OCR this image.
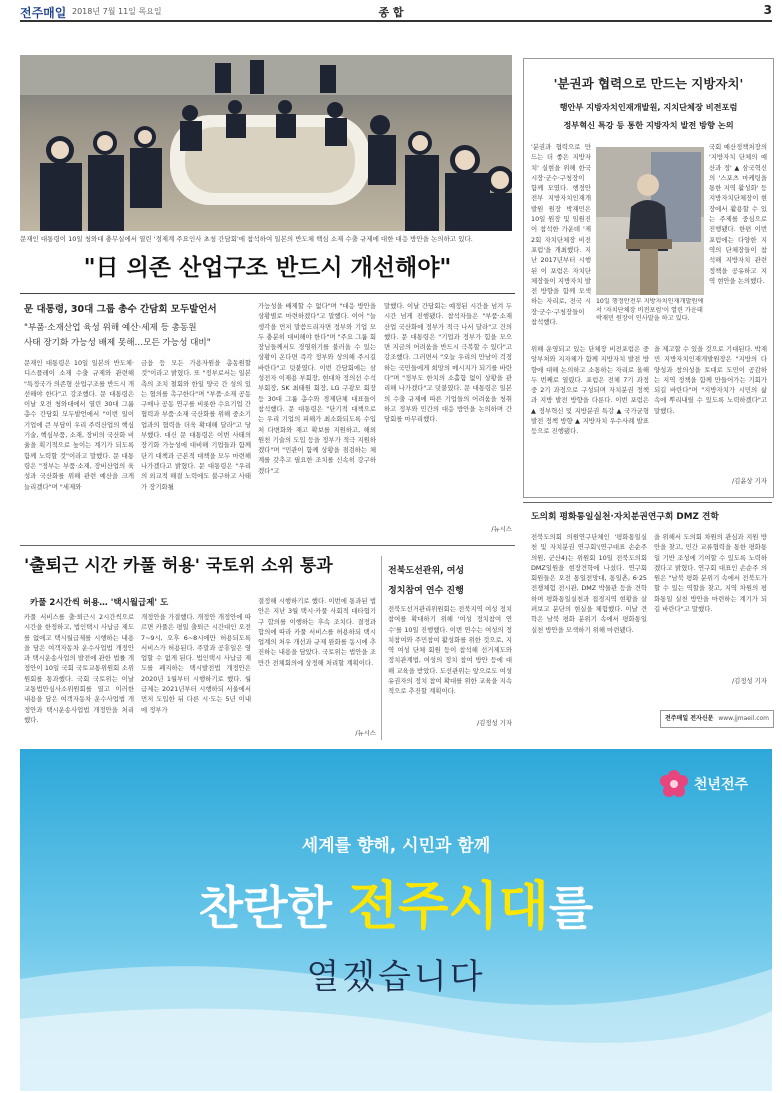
전주매일 2018년 7월 11일 목요일	종 합	3
문재인 대통령이 10일 청와대 충무실에서 열린 '경제계 주요인사 초청 간담회'에 참석하여 일본의 반도체 핵심 소재 수출 규제에 대한 대응 방안을 논의하고 있다.
"日 의존 산업구조 반드시 개선해야"
문 대통령, 30대 그룹 총수 간담회 모두발언서
"부품·소재산업 육성 위해 예산·세제 등 총동원
사태 장기화 가능성 배제 못해…모든 가능성 대비"
문재인 대통령은 10일 일본의 반도체·디스플레이 소재 수출 규제와 관련해 "특정국가 의존형 산업구조를 반드시 개선해야 한다"고 강조했다. 문 대통령은 이날 오전 청와대에서 열린 30대 그룹 총수 간담회 모두발언에서 "이번 일이 기업에 큰 부담이 우리 주력산업의 핵심기술, 핵심부품, 소재, 장비의 국산화 비율을 획기적으로 높이는 계기가 되도록 함께 노력할 것"이라고 말했다. 문 대통령은 "정부는 부품·소재, 장비산업의 육성과 국산화를 위해 관련 예산을 크게 늘리겠다"며 "세제와
금융 등 모든 가용자원을 총동원할 것"이라고 밝혔다. 또 "정부로서는 일본 측의 조치 철회와 한일 양국 간 성의 있는 협의를 촉구한다"며 "부품·소재 공동 구매나 공동 연구를 비롯한 수요기업 간 협력과 부품·소재 국산화를 위해 중소기업과의 협력을 더욱 확대해 달라"고 당부했다. 대신 문 대통령은 이번 사태의 장기화 가능성에 대비해 기업들과 함께 단기 대책과 근본적 대책을 모두 마련해 나가겠다고 밝혔다. 문 대통령은 "우리의 외교적 해결 노력에도 불구하고 사태가 장기화될
가능성을 배제할 수 없다"며 "대응 방안을 상황별로 마련하겠다"고 말했다. 이어 "늘 생각을 먼저 말씀드리자면 정부와 기업 모두 충분히 대비해야 한다"며 "주요 그룹 회장님들께서도 경영위기를 불러올 수 있는 상황이 온다면 즉각 정부와 상의해 주시길 바란다"고 덧붙였다. 이번 간담회에는 삼성전자 이재용 부회장, 현대차 정의선 수석부회장, SK 최태원 회장, LG 구광모 회장 등 30대 그룹 총수와 경제단체 대표들이 참석했다. 문 대통령은 "단기적 대책으로는 우리 기업의 피해가 최소화되도록 수입처 다변화와 재고 확보를 지원하고, 해외 원천 기술의 도입 등을 정부가 적극 지원하겠다"며 "민관이 함께 상황을 점검하는 체계를 갖추고 필요한 조치를 신속히 강구하겠다"고
말했다. 이날 간담회는 예정된 시간을 넘겨 두 시간 넘게 진행됐다. 참석자들은 "부품·소재 산업 국산화에 정부가 적극 나서 달라"고 건의했다. 문 대통령은 "기업과 정부가 힘을 모으면 지금의 어려움을 반드시 극복할 수 있다"고 강조했다. 그러면서 "오늘 우리의 만남이 걱정하는 국민들에게 희망의 메시지가 되기를 바란다"며 "정부도 한치의 소홀함 없이 상황을 관리해 나가겠다"고 덧붙였다. 문 대통령은 일본의 수출 규제에 따른 기업들의 어려움을 청취하고 정부와 민간의 대응 방안을 논의하며 간담회를 마무리했다.
/뉴시스
'출퇴근 시간 카풀 허용' 국토위 소위 통과
카풀 2시간씩 허용… '택시월급제' 도
카풀 서비스를 출·퇴근시 2시간씩으로 시간을 한정하고, 법인택시 사납금 제도를 없애고 택시월급제를 시행하는 내용을 담은 여객자동차 운수사업법 개정안과 택시운송사업의 발전에 관한 법률 개정안이 10일 국회 국토교통위원회 소위원회를 통과했다. 국회 국토위는 이날 교통법안심사소위원회를 열고 이러한 내용을 담은 여객자동차 운수사업법 개정안과 택시운송사업법 개정안을 처리했다.
개정안을 가결했다. 개정안 개정안에 따르면 카풀은 평일 출퇴근 시간대인 오전 7~9시, 오후 6~8시에만 허용되도록 서비스가 허용된다. 주말과 공휴일은 영업할 수 없게 된다. 법인택시 사납금 제도를 폐지하는 택시발전법 개정안은 2020년 1월부터 시행하기로 했다. 월급제는 2021년부터 시행하되 서울에서 먼저 도입한 뒤 다른 시·도는 5년 이내에 정부가
결정해 시행하기로 했다. 이번에 통과된 법안은 지난 3월 택시·카풀 사회적 대타협기구 합의를 이행하는 후속 조치다. 결정과 합의에 따라 카풀 서비스를 허용하되 택시업계의 처우 개선과 규제 완화를 동시에 추진하는 내용을 담았다. 국토위는 법안을 조만간 전체회의에 상정해 처리할 계획이다.
/뉴시스
전북도선관위, 여성
정치참여 연수 진행
전북도선거관리위원회는 전북지역 여성 정치참여를 확대하기 위해 '여성 정치참여 연수'를 10일 진행했다. 이번 연수는 여성의 정치참여와 주민참여 활성화를 위한 것으로, 지역 여성 단체 회원 등이 참석해 선거제도와 정치관계법, 여성의 정치 참여 방안 등에 대해 교육을 받았다. 도선관위는 앞으로도 여성 유권자의 정치 참여 확대를 위한 교육을 지속적으로 추진할 계획이다.
/김정성 기자
'분권과 협력으로 만드는 지방자치'
행안부 지방자치인재개발원, 지치단체장 비전포럼
정부혁신 특강 등 통한 지방자치 발전 방향 논의
'분권과 협력으로 만드는 더 좋은 지방자치' 실현을 위해 한국 시장·군수·구청장이 함께 모였다. 행정안전부 지방자치인재개발원 원장 박재민은 10일 원장 및 임원진이 참석한 가운데 '제2회 자치단체장 비전포럼'을 개최했다. 지난 2017년부터 시행된 이 포럼은 자치단체장들이 지방자치 발전 방향을 함께 모색하는 자리로, 전국 시장·군수·구청장들이 참석했다.
10일 행정안전부 지방자치인재개발원에서 '자치단체장 비전포럼'이 열린 가운데 박재민 원장이 인사말을 하고 있다.
국회 예산정책처장의 '지방자치 단체의 예산과 정' ▲ 삼국혁신 의 '스포츠 마케팅을 통한 지역 활성화' 등 지방자치단체장이 현장에서 활용할 수 있는 주제를 중심으로 진행됐다. 한편 이번 포럼에는 다양한 지역의 단체장들이 참석해 지방자치 관련 정책을 공유하고 지역 현안을 논의했다.
위해 운영되고 있는 단체장 비전포럼은 중앙부처와 지자체가 함께 지방자치 발전 방향에 대해 논의하고 소통하는 자리로 올해 두 번째로 열렸다. 포럼은 전체 7기 과정 중 2기 과정으로 구성되며 자치분권 정책과 지방 발전 방향을 다룬다. 이번 포럼은 ▲ 정부혁신 및 지방분권 특강 ▲ 국가균형발전 정책 방향 ▲ 지방자치 우수사례 발표 등으로 진행됐다.
을 제고할 수 있을 것으로 기대된다. 박재민 지방자치인재개발원장은 "지방의 다양성과 창의성을 토대로 도민이 공감하는 지역 정책을 함께 만들어가는 기회가 되길 바란다"며 "지방자치가 시민의 삶 속에 뿌리내릴 수 있도록 노력하겠다"고 말했다.
/김윤상 기자
도의회 평화통일실천·자치분권연구회 DMZ 견학
전북도의회 의원연구단체인 '평화통일실천 및 자치분권 연구회'(연구대표 손순주 의원, 군산4)는 위원회 10일 전북도의회 DMZ일원을 현장견학에 나섰다. 연구회 회원들은 오전 통일전망대, 통일촌, 6·25 전쟁체험 전시관, DMZ 박물관 등을 견학하며 평화통일실천과 접경지역 현황을 살펴보고 분단의 현실을 체험했다. 이날 견학은 남북 평화 분위기 속에서 평화통일 실천 방안을 모색하기 위해 마련됐다.
을 위해서 도의회 차원의 관심과 지원 방안을 찾고, 민간 교류협력을 통한 평화통일 기반 조성에 기여할 수 있도록 노력하겠다고 밝혔다. 연구회 대표인 손순주 의원은 "남북 평화 분위기 속에서 전북도가 할 수 있는 역할을 찾고, 지역 차원의 평화통일 실천 방안을 마련하는 계기가 되길 바란다"고 말했다.
/김정성 기자
전주매일 전자신문 www.jjmaeil.com
천년전주
세계를 향해, 시민과 함께
찬란한 전주시대를
열겠습니다
